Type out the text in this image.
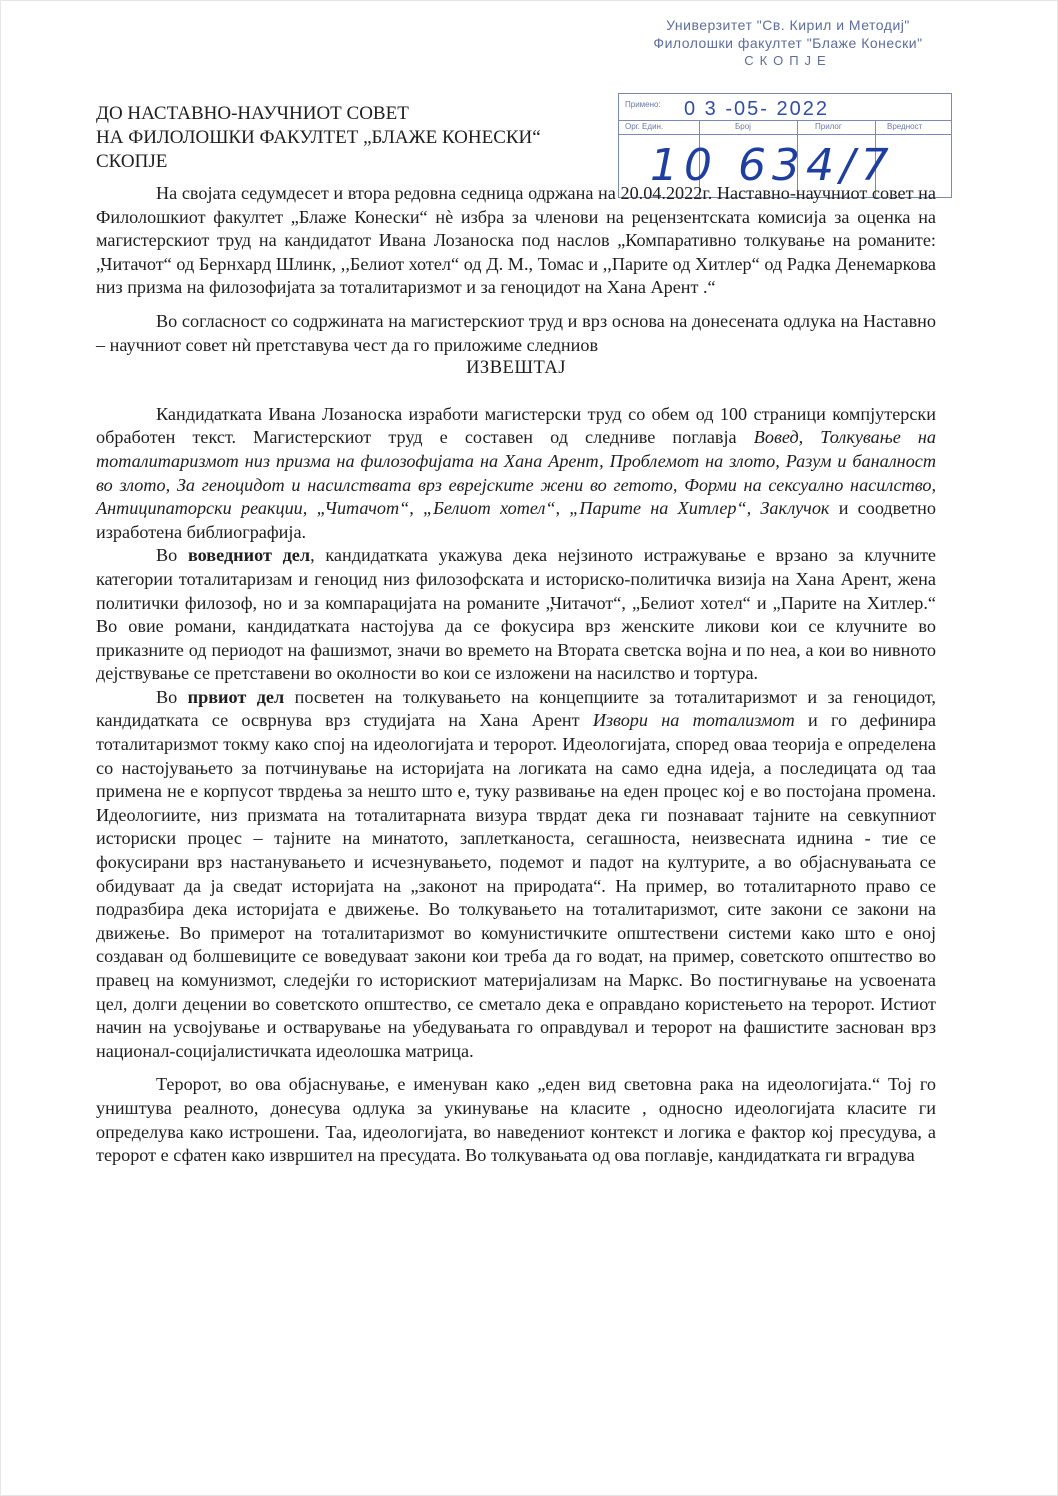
Универзитет "Св. Кирил и Методиј"
Филолошки факултет "Блаже Конески"
СКОПЈЕ
Примено:
Орг. Един.	Број	Прилог	Вредност
0 3 -05- 2022
10 634/7
ДО НАСТАВНО-НАУЧНИОТ СОВЕТ
НА ФИЛОЛОШКИ ФАКУЛТЕТ „БЛАЖЕ КОНЕСКИ“
СКОПЈЕ

На својата седумдесет и втора редовна седница одржана на 20.04.2022г. Наставно-научниот совет на Филолошкиот факултет „Блаже Конески“ нè избра за членови на рецензентската комисија за оценка на магистерскиот труд на кандидатот Ивана Лозаноска под наслов „Компаративно толкување на романите: „Читачот“ од Бернхард Шлинк, ,,Белиот хотел“ од Д. М., Томас и ,,Парите од Хитлер“ од Радка Денемаркова низ призма на филозофијата за тоталитаризмот и за геноцидот на Хана Арент .“

Во согласност со содржината на магистерскиот труд и врз основа на донесената одлука на Наставно – научниот совет нѝ претставува чест да го приложиме следниов

ИЗВЕШТАЈ

Кандидатката Ивана Лозаноска изработи магистерски труд со обем од 100 страници компјутерски обработен текст. Магистерскиот труд е составен од следниве поглавја Вовед, Толкување на тоталитаризмот низ призма на филозофијата на Хана Арент, Проблемот на злото, Разум и баналност во злото, За геноцидот и насилствата врз еврејските жени во гетото, Форми на сексуално насилство, Антиципаторски реакции, „Читачот“, „Белиот хотел“, „Парите на Хитлер“, Заклучок и соодветно изработена библиографија.

Во воведниот дел, кандидатката укажува дека нејзиното истражување е врзано за клучните категории тоталитаризам и геноцид низ филозофската и историско-политичка визија на Хана Арент, жена политички филозоф, но и за компарацијата на романите „Читачот“, „Белиот хотел“ и „Парите на Хитлер.“ Во овие романи, кандидатката настојува да се фокусира врз женските ликови кои се клучните во приказните од периодот на фашизмот, значи во времето на Втората светска војна и по неа, а кои во нивното дејствување се претставени во околности во кои се изложени на насилство и тортура.

Во првиот дел посветен на толкувањето на концепциите за тоталитаризмот и за геноцидот, кандидатката се осврнува врз студијата на Хана Арент Извори на тотализмот и го дефинира тоталитаризмот токму како спој на идеологијата и теророт. Идеологијата, според оваа теорија е определена со настојувањето за потчинување на историјата на логиката на само една идеја, а последицата од таа примена не е корпусот тврдења за нешто што е, туку развивање на еден процес кој е во постојана промена. Идеологиите, низ призмата на тоталитарната визура тврдат дека ги познаваат тајните на севкупниот историски процес – тајните на минатото, заплетканоста, сегашноста, неизвесната иднина - тие се фокусирани врз настанувањето и исчезнувањето, подемот и падот на културите, а во објаснувањата се обидуваат да ја сведат историјата на „законот на природата“. На пример, во тоталитарното право се подразбира дека историјата е движење. Во толкувањето на тоталитаризмот, сите закони се закони на движење. Во примерот на тоталитаризмот во комунистичките општествени системи како што е оној создаван од болшевиците се воведуваат закони кои треба да го водат, на пример, советското општество во правец на комунизмот, следејќи го историскиот материјализам на Маркс. Во постигнување на усвоената цел, долги децении во советското општество, се сметало дека е оправдано користењето на теророт. Истиот начин на усвојување и остварување на убедувањата го оправдувал и теророт на фашистите заснован врз национал-социјалистичката идеолошка матрица.

Теророт, во ова објаснување, е именуван како „еден вид световна рака на идеологијата.“ Тој го уништува реалното, донесува одлука за укинување на класите , односно идеологијата класите ги определува како истрошени. Таа, идеологијата, во наведениот контекст и логика е фактор кој пресудува, а теророт е сфатен како извршител на пресудата. Во толкувањата од ова поглавје, кандидатката ги вградува
